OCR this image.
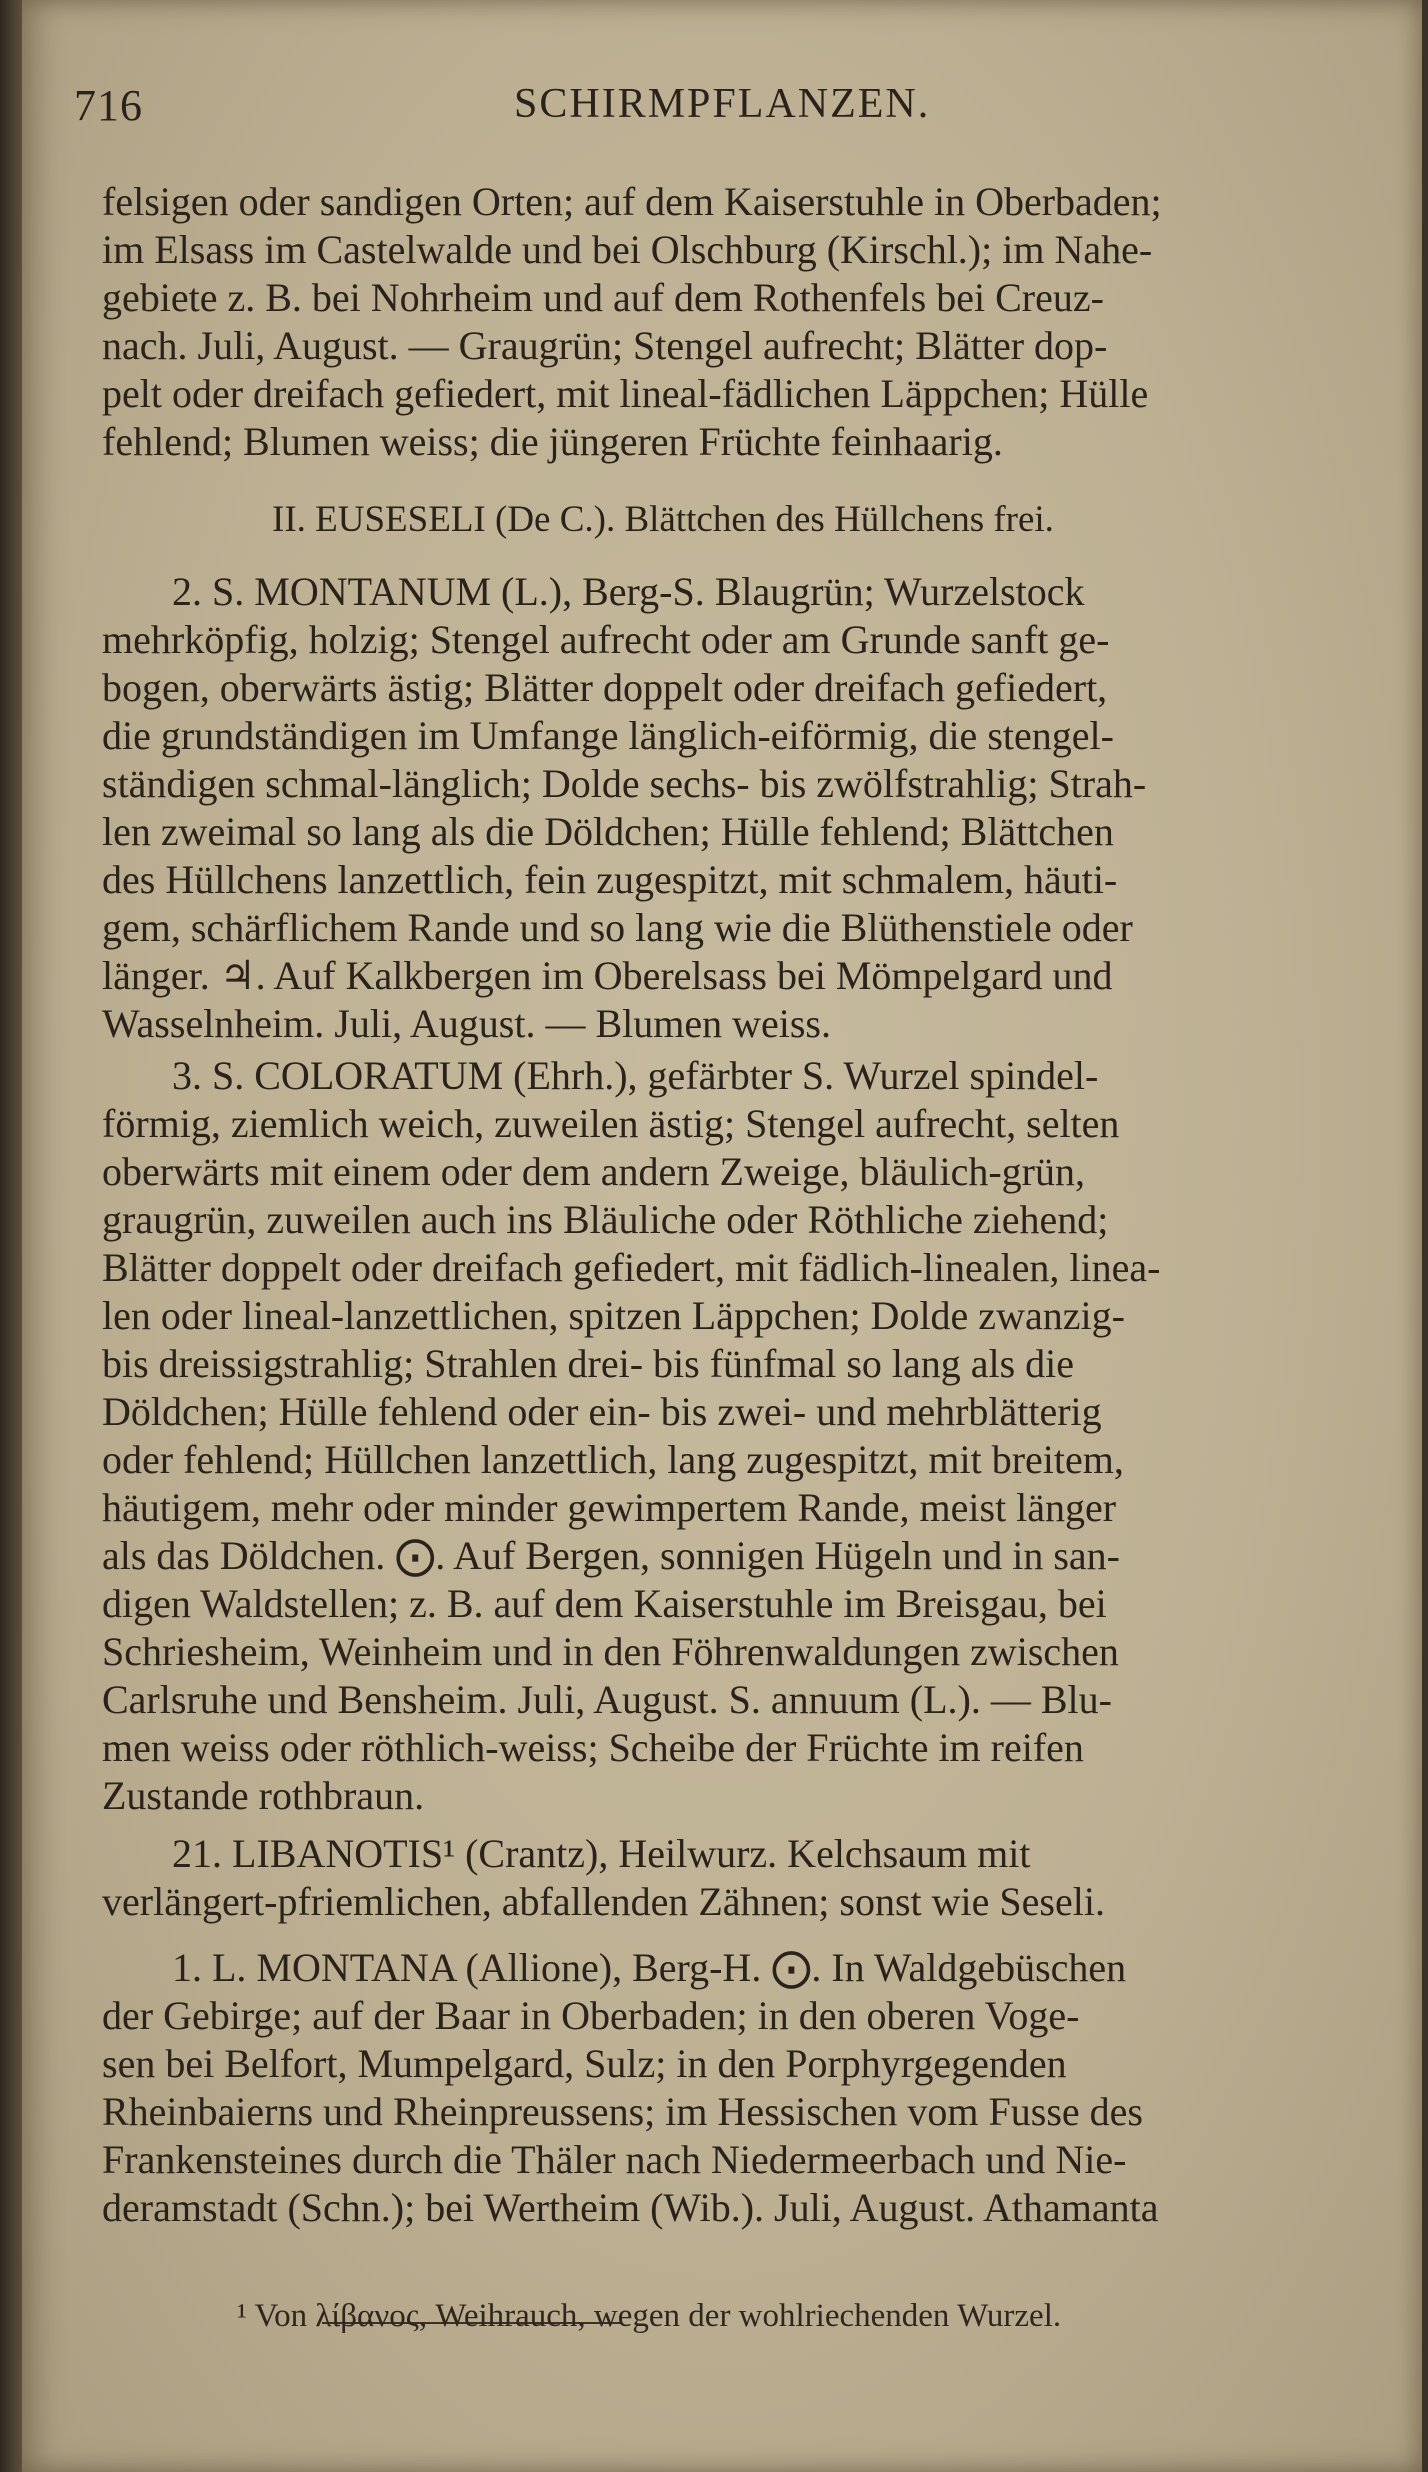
716	SCHIRMPFLANZEN.
felsigen oder sandigen Orten; auf dem Kaiserstuhle in Oberbaden;
im Elsass im Castelwalde und bei Olschburg (Kirschl.); im Nahe-
gebiete z. B. bei Nohrheim und auf dem Rothenfels bei Creuz-
nach. Juli, August. — Graugrün; Stengel aufrecht; Blätter dop-
pelt oder dreifach gefiedert, mit lineal-fädlichen Läppchen; Hülle
fehlend; Blumen weiss; die jüngeren Früchte feinhaarig.
II. EUSESELI (De C.). Blättchen des Hüllchens frei.
2. S. MONTANUM (L.), Berg-S. Blaugrün; Wurzelstock
mehrköpfig, holzig; Stengel aufrecht oder am Grunde sanft ge-
bogen, oberwärts ästig; Blätter doppelt oder dreifach gefiedert,
die grundständigen im Umfange länglich-eiförmig, die stengel-
ständigen schmal-länglich; Dolde sechs- bis zwölfstrahlig; Strah-
len zweimal so lang als die Döldchen; Hülle fehlend; Blättchen
des Hüllchens lanzettlich, fein zugespitzt, mit schmalem, häuti-
gem, schärflichem Rande und so lang wie die Blüthenstiele oder
länger. ♃. Auf Kalkbergen im Oberelsass bei Mömpelgard und
Wasselnheim. Juli, August. — Blumen weiss.
3. S. COLORATUM (Ehrh.), gefärbter S. Wurzel spindel-
förmig, ziemlich weich, zuweilen ästig; Stengel aufrecht, selten
oberwärts mit einem oder dem andern Zweige, bläulich-grün,
graugrün, zuweilen auch ins Bläuliche oder Röthliche ziehend;
Blätter doppelt oder dreifach gefiedert, mit fädlich-linealen, linea-
len oder lineal-lanzettlichen, spitzen Läppchen; Dolde zwanzig-
bis dreissigstrahlig; Strahlen drei- bis fünfmal so lang als die
Döldchen; Hülle fehlend oder ein- bis zwei- und mehrblätterig
oder fehlend; Hüllchen lanzettlich, lang zugespitzt, mit breitem,
häutigem, mehr oder minder gewimpertem Rande, meist länger
als das Döldchen. ⨀. Auf Bergen, sonnigen Hügeln und in san-
digen Waldstellen; z. B. auf dem Kaiserstuhle im Breisgau, bei
Schriesheim, Weinheim und in den Föhrenwaldungen zwischen
Carlsruhe und Bensheim. Juli, August. S. annuum (L.). — Blu-
men weiss oder röthlich-weiss; Scheibe der Früchte im reifen
Zustande rothbraun.
21. LIBANOTIS¹ (Crantz), Heilwurz. Kelchsaum mit
verlängert-pfriemlichen, abfallenden Zähnen; sonst wie Seseli.
1. L. MONTANA (Allione), Berg-H. ⨀. In Waldgebüschen
der Gebirge; auf der Baar in Oberbaden; in den oberen Voge-
sen bei Belfort, Mumpelgard, Sulz; in den Porphyrgegenden
Rheinbaierns und Rheinpreussens; im Hessischen vom Fusse des
Frankensteines durch die Thäler nach Niedermeerbach und Nie-
deramstadt (Schn.); bei Wertheim (Wib.). Juli, August. Athamanta
¹ Von λίβανος, Weihrauch, wegen der wohlriechenden Wurzel.
